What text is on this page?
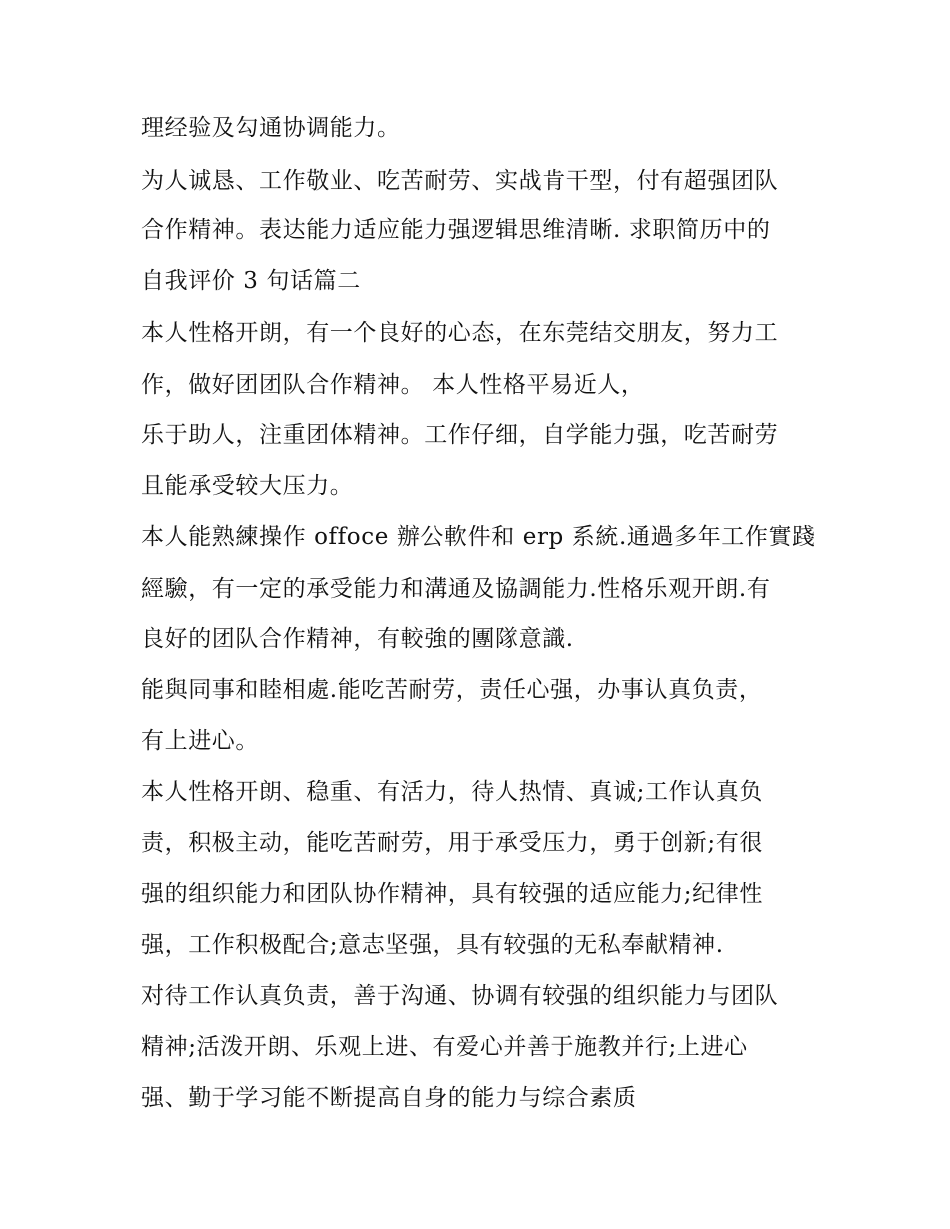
理经验及勾通协调能力。
为人诚恳、工作敬业、吃苦耐劳、实战肯干型，付有超强团队
合作精神。表达能力适应能力强逻辑思维清晰. 求职简历中的
自我评价 3 句话篇二
本人性格开朗，有一个良好的心态，在东莞结交朋友，努力工
作，做好团团队合作精神。 本人性格平易近人，
乐于助人，注重团体精神。工作仔细，自学能力强，吃苦耐劳
且能承受较大压力。
本人能熟練操作 offoce 辦公軟件和 erp 系統.通過多年工作實踐
經驗，有一定的承受能力和溝通及協調能力.性格乐观开朗.有
良好的团队合作精神，有較強的團隊意識.
能與同事和睦相處.能吃苦耐劳，责任心强，办事认真负责，
有上进心。
本人性格开朗、稳重、有活力，待人热情、真诚;工作认真负
责，积极主动，能吃苦耐劳，用于承受压力，勇于创新;有很
强的组织能力和团队协作精神，具有较强的适应能力;纪律性
强，工作积极配合;意志坚强，具有较强的无私奉献精神.
对待工作认真负责，善于沟通、协调有较强的组织能力与团队
精神;活泼开朗、乐观上进、有爱心并善于施教并行;上进心
强、勤于学习能不断提高自身的能力与综合素质
